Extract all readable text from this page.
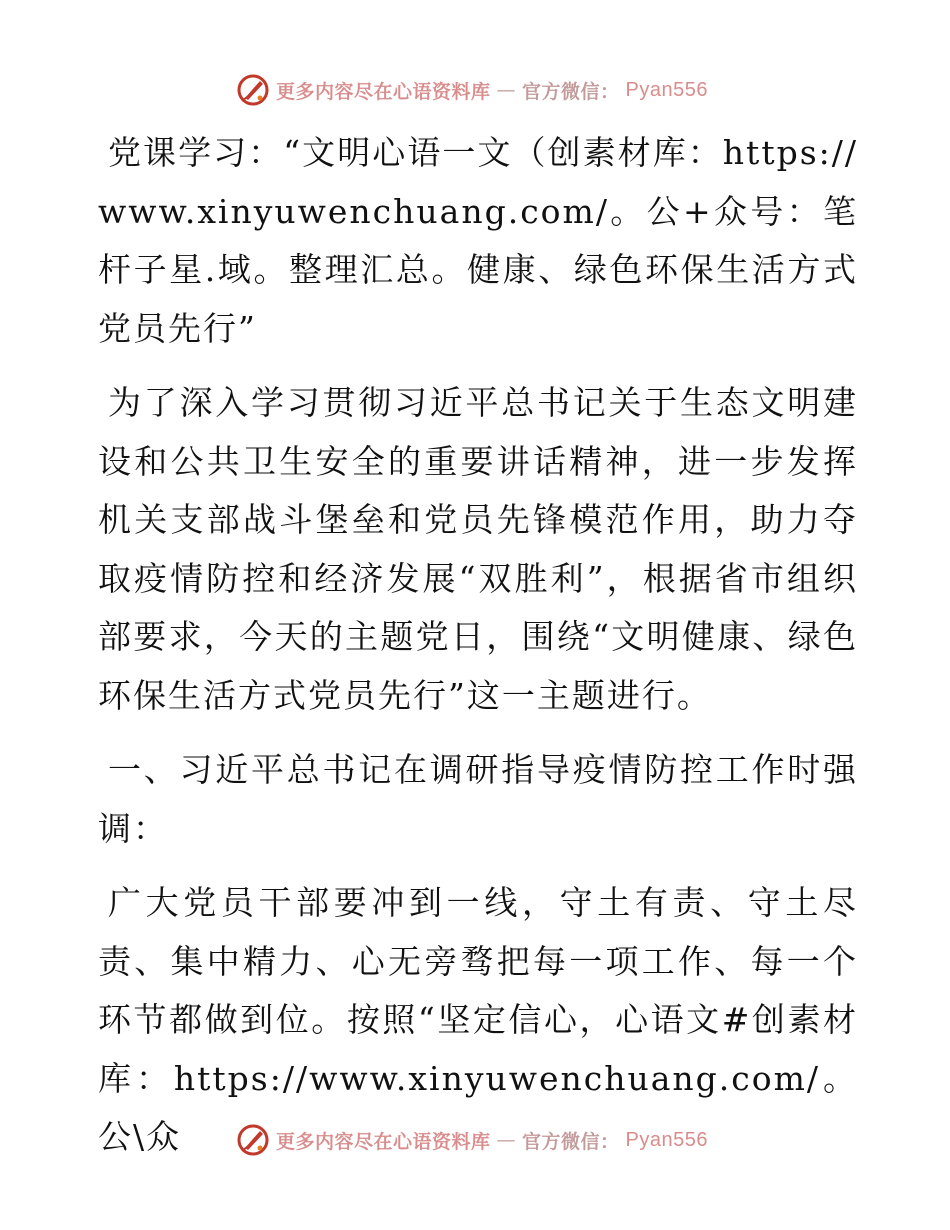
更多内容尽在心语资料库 — 官方微信： Pyan556

党课学习：“文明心语一文（创素材库：https://www.xinyuwenchuang.com/。公+众号：笔杆子星.域。整理汇总。健康、绿色环保生活方式党员先行”

为了深入学习贯彻习近平总书记关于生态文明建设和公共卫生安全的重要讲话精神，进一步发挥机关支部战斗堡垒和党员先锋模范作用，助力夺取疫情防控和经济发展“双胜利”，根据省市组织部要求，今天的主题党日，围绕“文明健康、绿色环保生活方式党员先行”这一主题进行。

一、习近平总书记在调研指导疫情防控工作时强调：

广大党员干部要冲到一线，守土有责、守土尽责、集中精力、心无旁骛把每一项工作、每一个环节都做到位。按照“坚定信心，心语文#创素材库：https://www.xinyuwenchuang.com/。公\众	更多内容尽在心语资料库 — 官方微信： Pyan556
